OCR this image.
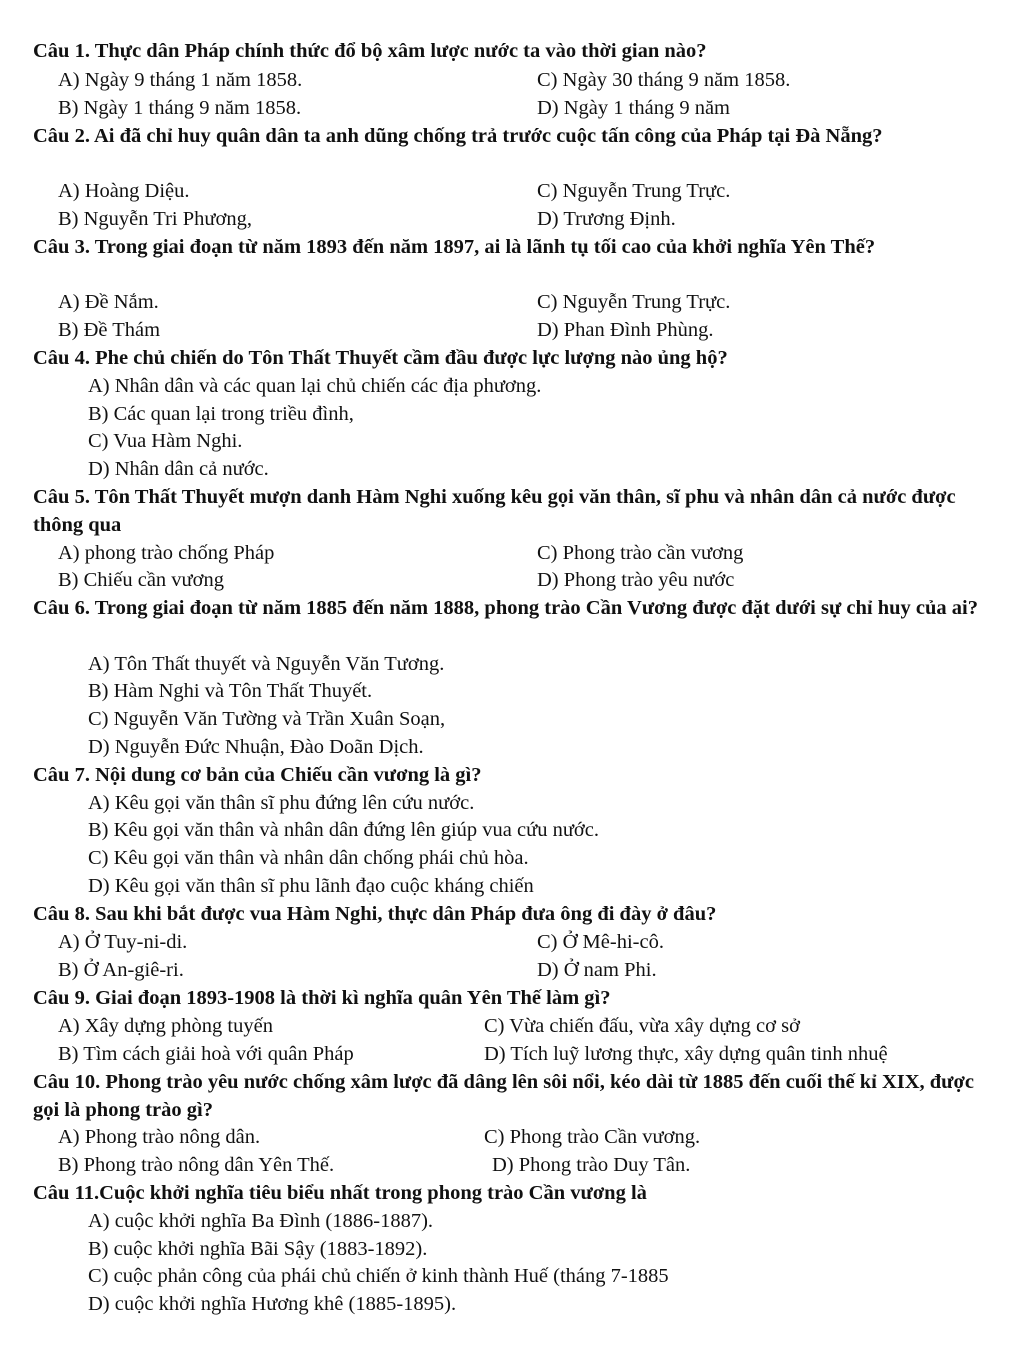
Câu 1. Thực dân Pháp chính thức đổ bộ xâm lược nước ta vào thời gian nào?

A) Ngày 9 tháng 1 năm 1858.	C) Ngày 30 tháng 9 năm 1858.

B) Ngày 1 tháng 9 năm 1858.	D) Ngày 1 tháng 9 năm

Câu 2. Ai đã chỉ huy quân dân ta anh dũng chống trả trước cuộc tấn công của Pháp tại Đà Nẵng?

A) Hoàng Diệu.	C) Nguyễn Trung Trực.

B) Nguyễn Tri Phương,	D) Trương Định.

Câu 3. Trong giai đoạn từ năm 1893 đến năm 1897, ai là lãnh tụ tối cao của khởi nghĩa Yên Thế?

A) Đề Nắm.	C) Nguyễn Trung Trực.

B) Đề Thám	D) Phan Đình Phùng.

Câu 4. Phe chủ chiến do Tôn Thất Thuyết cầm đầu được lực lượng nào ủng hộ?

A) Nhân dân và các quan lại chủ chiến các địa phương.

B) Các quan lại trong triều đình,

C) Vua Hàm Nghi.

D) Nhân dân cả nước.

Câu 5. Tôn Thất Thuyết mượn danh Hàm Nghi xuống kêu gọi văn thân, sĩ phu và nhân dân cả nước được thông qua

A) phong trào chống Pháp	C) Phong trào cần vương

B) Chiếu cần vương	D) Phong trào yêu nước

Câu 6. Trong giai đoạn từ năm 1885 đến năm 1888, phong trào Cần Vương được đặt dưới sự chỉ huy của ai?

A) Tôn Thất thuyết và Nguyễn Văn Tương.

B) Hàm Nghi và Tôn Thất Thuyết.

C) Nguyễn Văn Tường và Trần Xuân Soạn,

D) Nguyễn Đức Nhuận, Đào Doãn Dịch.

Câu 7. Nội dung cơ bản của Chiếu cần vương là gì?

A) Kêu gọi văn thân sĩ phu đứng lên cứu nước.

B) Kêu gọi văn thân và nhân dân đứng lên giúp vua cứu nước.

C) Kêu gọi văn thân và nhân dân chống phái chủ hòa.

D) Kêu gọi văn thân sĩ phu lãnh đạo cuộc kháng chiến

Câu 8. Sau khi bắt được vua Hàm Nghi, thực dân Pháp đưa ông đi đày ở đâu?

A) Ở Tuy-ni-di.	C) Ở Mê-hi-cô.

B) Ở An-giê-ri.	D) Ở nam Phi.

Câu 9. Giai đoạn 1893-1908 là thời kì nghĩa quân Yên Thế làm gì?

A) Xây dựng phòng tuyến	C) Vừa chiến đấu, vừa xây dựng cơ sở

B) Tìm cách giải hoà với quân Pháp	D) Tích luỹ lương thực, xây dựng quân tinh nhuệ

Câu 10. Phong trào yêu nước chống xâm lược đã dâng lên sôi nổi, kéo dài từ 1885 đến cuối thế kỉ XIX, được gọi là phong trào gì?

A) Phong trào nông dân.	C) Phong trào Cần vương.

B) Phong trào nông dân Yên Thế.	D) Phong trào Duy Tân.

Câu 11.Cuộc khởi nghĩa tiêu biểu nhất trong phong trào Cần vương là

A) cuộc khởi nghĩa Ba Đình (1886-1887).

B) cuộc khởi nghĩa Bãi Sậy (1883-1892).

C) cuộc phản công của phái chủ chiến ở kinh thành Huế (tháng 7-1885

D) cuộc khởi nghĩa Hương khê (1885-1895).
